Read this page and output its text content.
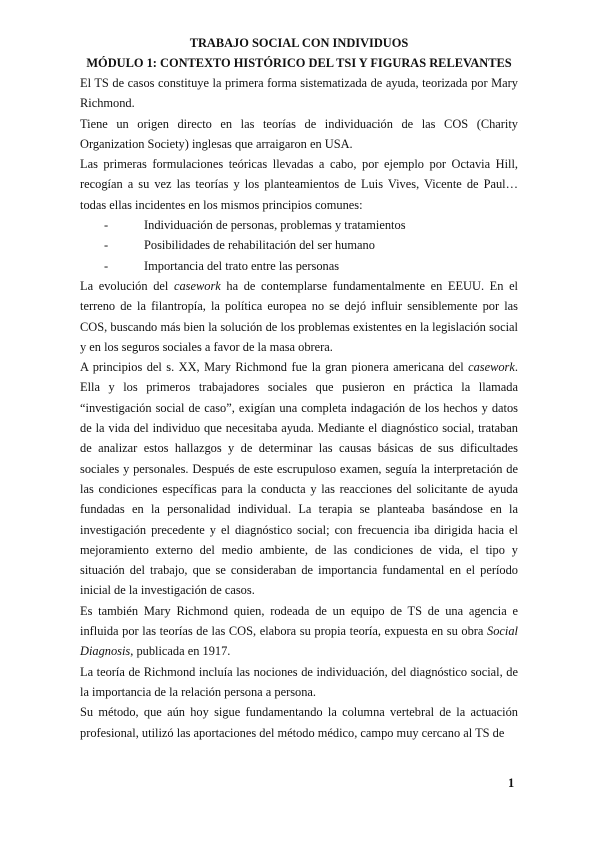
TRABAJO SOCIAL CON INDIVIDUOS
MÓDULO 1: CONTEXTO HISTÓRICO DEL TSI Y FIGURAS RELEVANTES

El TS de casos constituye la primera forma sistematizada de ayuda, teorizada por Mary Richmond.

Tiene un origen directo en las teorías de individuación de las COS (Charity Organization Society) inglesas que arraigaron en USA.

Las primeras formulaciones teóricas llevadas a cabo, por ejemplo por Octavia Hill, recogían a su vez las teorías y los planteamientos de Luis Vives, Vicente de Paul… todas ellas incidentes en los mismos principios comunes:

-	Individuación de personas, problemas y tratamientos
-	Posibilidades de rehabilitación del ser humano
-	Importancia del trato entre las personas

La evolución del casework ha de contemplarse fundamentalmente en EEUU. En el terreno de la filantropía, la política europea no se dejó influir sensiblemente por las COS, buscando más bien la solución de los problemas existentes en la legislación social y en los seguros sociales a favor de la masa obrera.

A principios del s. XX, Mary Richmond fue la gran pionera americana del casework. Ella y los primeros trabajadores sociales que pusieron en práctica la llamada “investigación social de caso”, exigían una completa indagación de los hechos y datos de la vida del individuo que necesitaba ayuda. Mediante el diagnóstico social, trataban de analizar estos hallazgos y de determinar las causas básicas de sus dificultades sociales y personales. Después de este escrupuloso examen, seguía la interpretación de las condiciones específicas para la conducta y las reacciones del solicitante de ayuda fundadas en la personalidad individual. La terapia se planteaba basándose en la investigación precedente y el diagnóstico social; con frecuencia iba dirigida hacia el mejoramiento externo del medio ambiente, de las condiciones de vida, el tipo y situación del trabajo, que se consideraban de importancia fundamental en el período inicial de la investigación de casos.

Es también Mary Richmond quien, rodeada de un equipo de TS de una agencia e influida por las teorías de las COS, elabora su propia teoría, expuesta en su obra Social Diagnosis, publicada en 1917.

La teoría de Richmond incluía las nociones de individuación, del diagnóstico social, de la importancia de la relación persona a persona.

Su método, que aún hoy sigue fundamentando la columna vertebral de la actuación profesional, utilizó las aportaciones del método médico, campo muy cercano al TS de

1
